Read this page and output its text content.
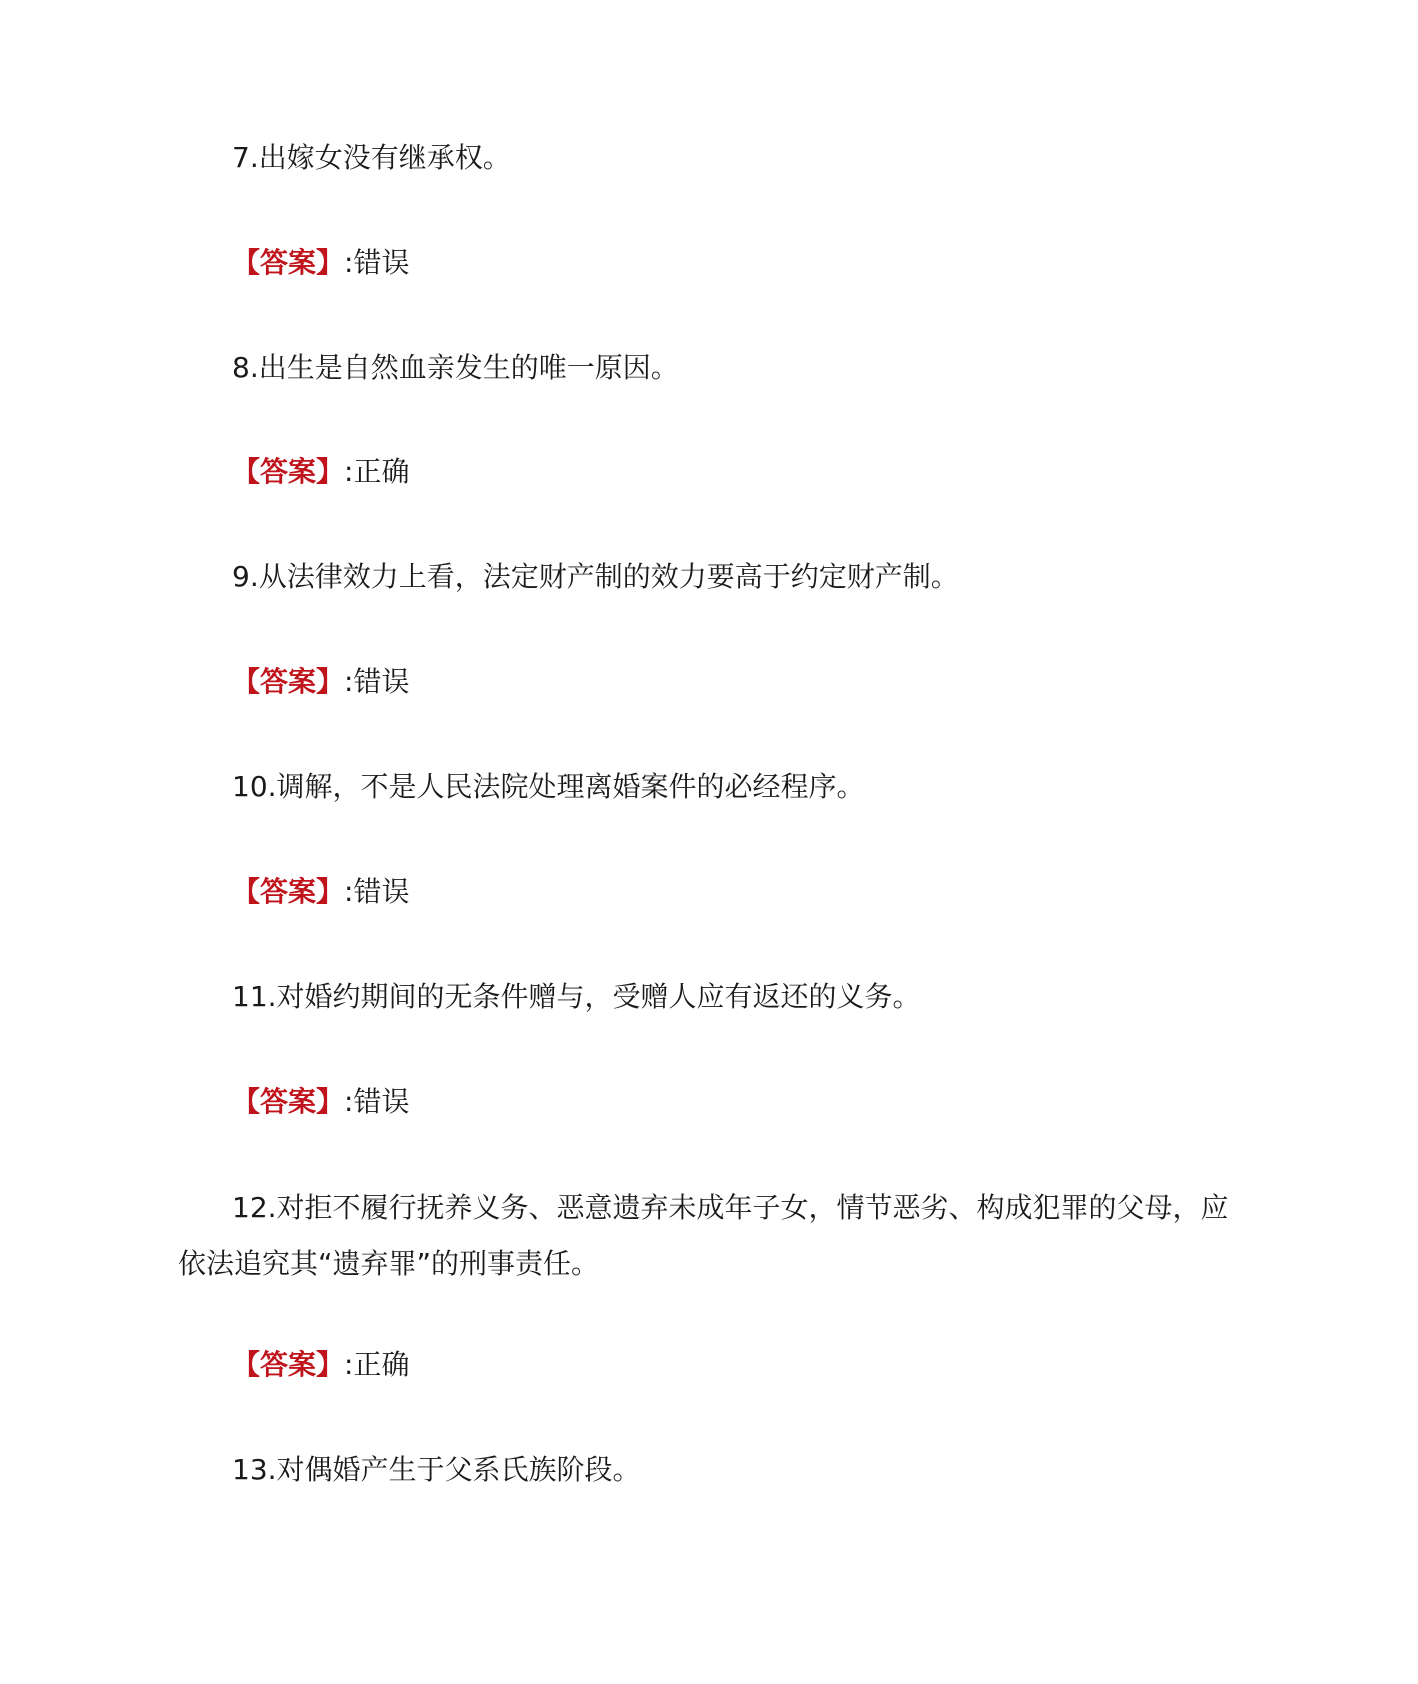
7.出嫁女没有继承权。
【答案】:错误
8.出生是自然血亲发生的唯一原因。
【答案】:正确
9.从法律效力上看，法定财产制的效力要高于约定财产制。
【答案】:错误
10.调解，不是人民法院处理离婚案件的必经程序。
【答案】:错误
11.对婚约期间的无条件赠与，受赠人应有返还的义务。
【答案】:错误
12.对拒不履行抚养义务、恶意遗弃未成年子女，情节恶劣、构成犯罪的父母，应依法追究其“遗弃罪”的刑事责任。
【答案】:正确
13.对偶婚产生于父系氏族阶段。
